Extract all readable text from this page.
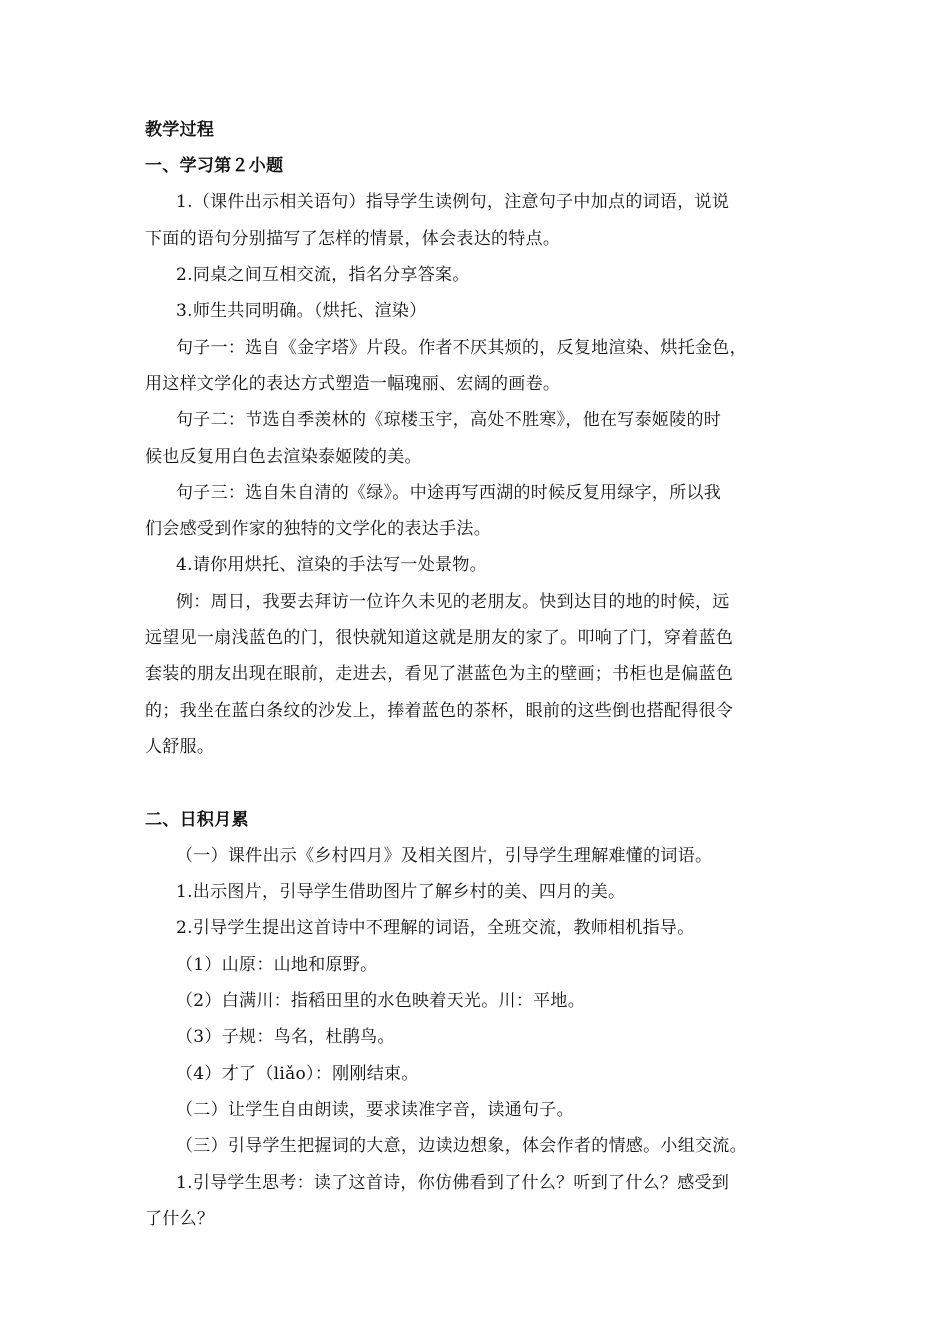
教学过程
一、学习第２小题
1.（课件出示相关语句）指导学生读例句，注意句子中加点的词语，说说
下面的语句分别描写了怎样的情景，体会表达的特点。
2.同桌之间互相交流，指名分享答案。
3.师生共同明确。（烘托、渲染）
句子一：选自《金字塔》片段。作者不厌其烦的，反复地渲染、烘托金色，
用这样文学化的表达方式塑造一幅瑰丽、宏阔的画卷。
句子二：节选自季羡林的《琼楼玉宇，高处不胜寒》，他在写泰姬陵的时
候也反复用白色去渲染泰姬陵的美。
句子三：选自朱自清的《绿》。中途再写西湖的时候反复用绿字，所以我
们会感受到作家的独特的文学化的表达手法。
4.请你用烘托、渲染的手法写一处景物。
例：周日，我要去拜访一位许久未见的老朋友。快到达目的地的时候，远
远望见一扇浅蓝色的门，很快就知道这就是朋友的家了。叩响了门，穿着蓝色
套装的朋友出现在眼前，走进去，看见了湛蓝色为主的壁画；书柜也是偏蓝色
的；我坐在蓝白条纹的沙发上，捧着蓝色的茶杯，眼前的这些倒也搭配得很令
人舒服。
二、日积月累
（一）课件出示《乡村四月》及相关图片，引导学生理解难懂的词语。
1.出示图片，引导学生借助图片了解乡村的美、四月的美。
2.引导学生提出这首诗中不理解的词语，全班交流，教师相机指导。
（1）山原：山地和原野。
（2）白满川：指稻田里的水色映着天光。川：平地。
（3）子规：鸟名，杜鹃鸟。
（4）才了（liǎo）：刚刚结束。
（二）让学生自由朗读，要求读准字音，读通句子。
（三）引导学生把握词的大意，边读边想象，体会作者的情感。小组交流。
1.引导学生思考：读了这首诗，你仿佛看到了什么？听到了什么？感受到
了什么？
